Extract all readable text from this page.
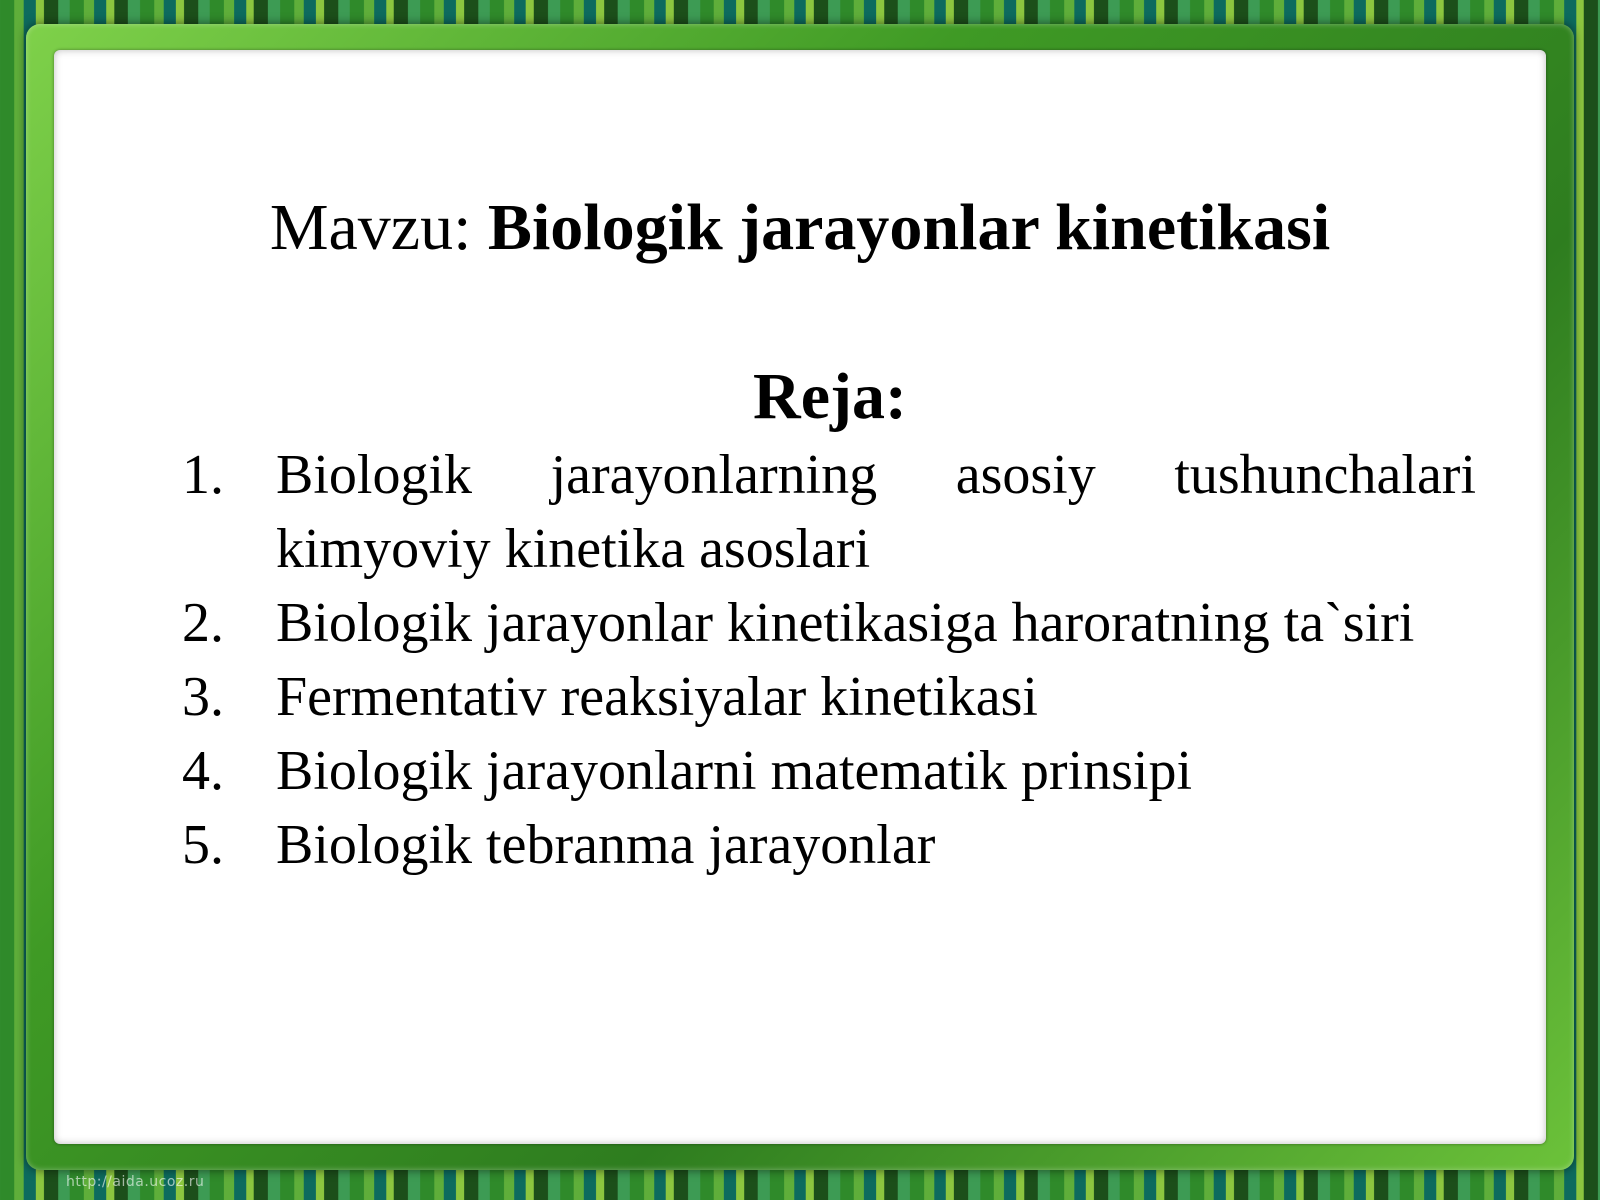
Mavzu: Biologik jarayonlar kinetikasi
Reja:
1. Biologik jarayonlarning asosiy tushunchalari kimyoviy kinetika asoslari
2. Biologik jarayonlar kinetikasiga haroratning ta`siri
3. Fermentativ reaksiyalar kinetikasi
4. Biologik jarayonlarni matematik prinsipi
5. Biologik tebranma jarayonlar
http://aida.ucoz.ru
